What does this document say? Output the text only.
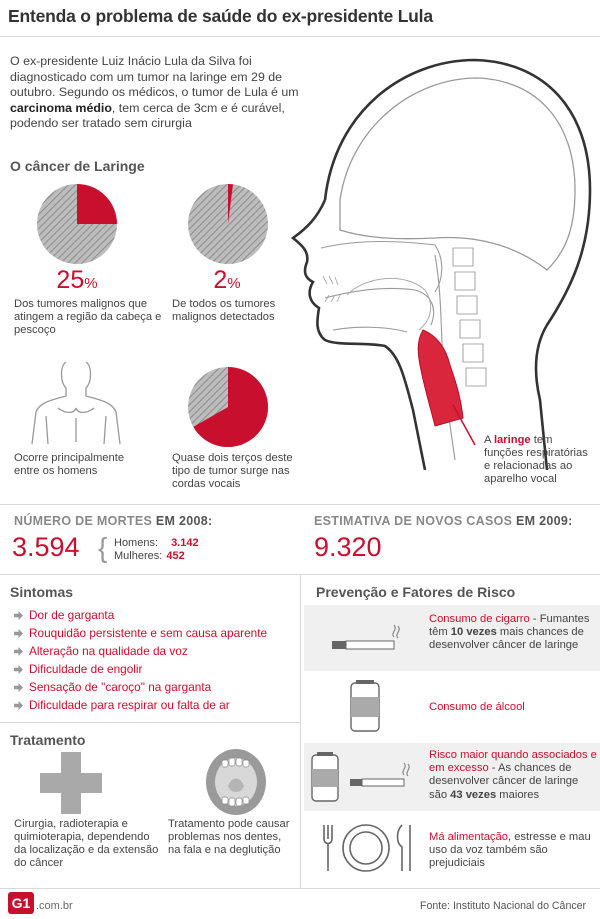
Entenda o problema de saúde do ex-presidente Lula
O ex-presidente Luiz Inácio Lula da Silva foi diagnosticado com um tumor na laringe em 29 de outubro. Segundo os médicos, o tumor de Lula é um carcinoma médio, tem cerca de 3cm e é curável, podendo ser tratado sem cirurgia
A laringe tem funções respiratórias e relacionadas ao aparelho vocal
O câncer de Laringe
25%
Dos tumores malignos que atingem a região da cabeça e pescoço
2%
De todos os tumores malignos detectados
Ocorre principalmente entre os homens
Quase dois terços deste tipo de tumor surge nas cordas vocais
NÚMERO DE MORTES EM 2008:
3.594 { Homens: 3.142
Mulheres: 452
ESTIMATIVA DE NOVOS CASOS EM 2009:
9.320
Sintomas
Dor de garganta
Rouquidão persistente e sem causa aparente
Alteração na qualidade da voz
Dificuldade de engolir
Sensação de "caroço" na garganta
Dificuldade para respirar ou falta de ar
Tratamento
Cirurgia, radioterapia e quimioterapia, dependendo da localização e da extensão do câncer
Tratamento pode causar problemas nos dentes, na fala e na deglutição
Prevenção e Fatores de Risco
Consumo de cigarro - Fumantes têm 10 vezes mais chances de desenvolver câncer de laringe
Consumo de álcool
Risco maior quando associados e em excesso - As chances de desenvolver câncer de laringe são 43 vezes maiores
Má alimentação, estresse e mau uso da voz também são prejudiciais
G1 .com.br	Fonte: Instituto Nacional do Câncer
